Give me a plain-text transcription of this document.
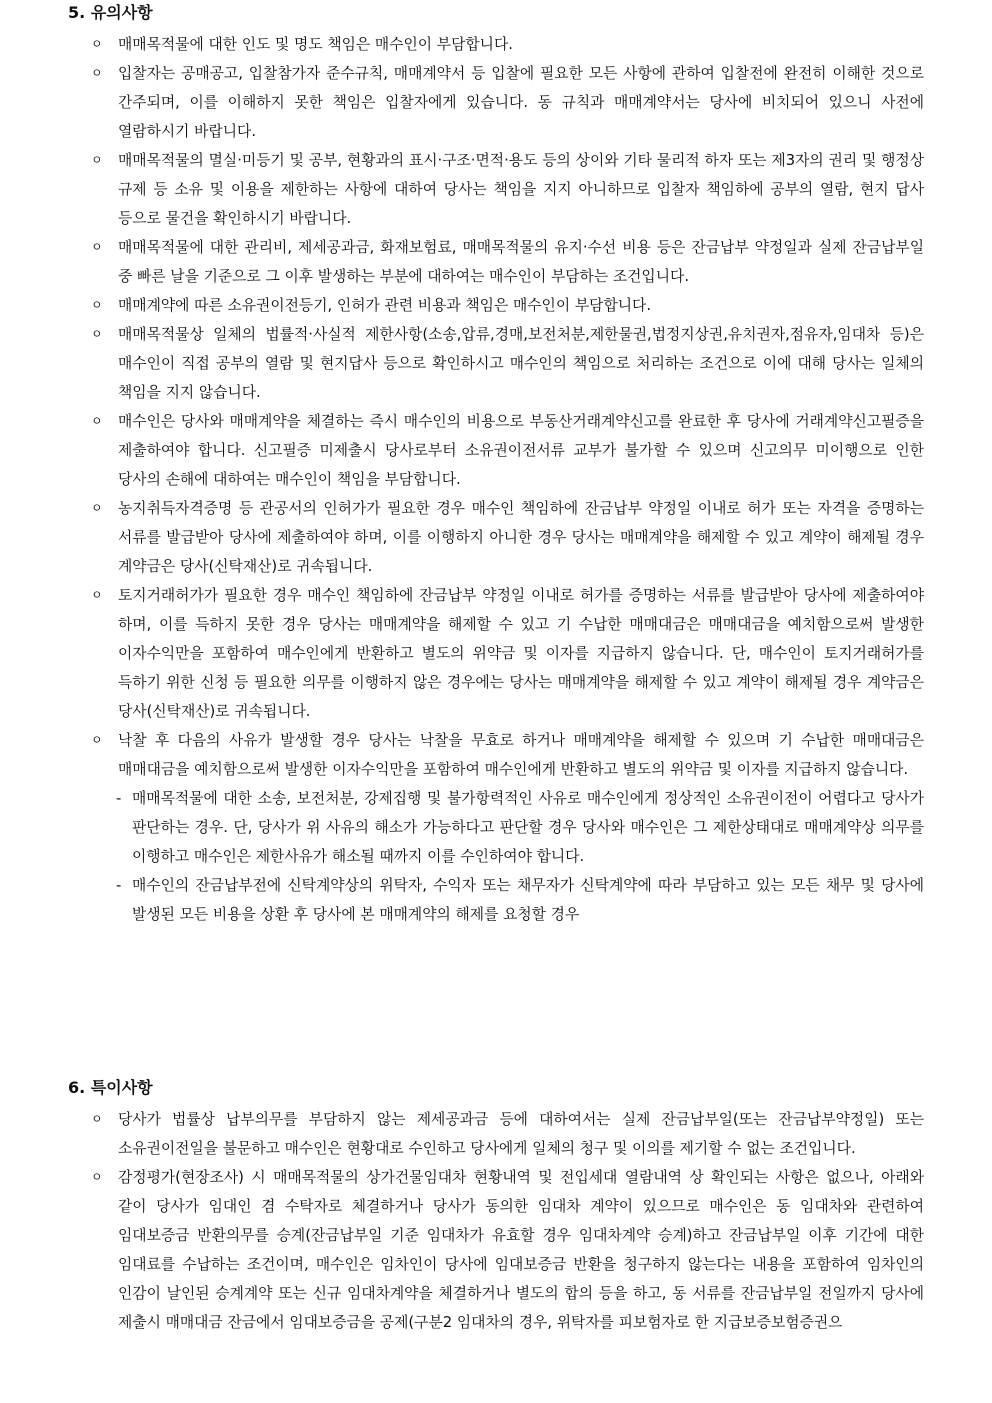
5. 유의사항
ㅇ 매매목적물에 대한 인도 및 명도 책임은 매수인이 부담합니다.
ㅇ 입찰자는 공매공고, 입찰참가자 준수규칙, 매매계약서 등 입찰에 필요한 모든 사항에 관하여 입찰전에 완전히 이해한 것으로 간주되며, 이를 이해하지 못한 책임은 입찰자에게 있습니다. 동 규칙과 매매계약서는 당사에 비치되어 있으니 사전에 열람하시기 바랍니다.
ㅇ 매매목적물의 멸실·미등기 및 공부, 현황과의 표시·구조·면적·용도 등의 상이와 기타 물리적 하자 또는 제3자의 권리 및 행정상 규제 등 소유 및 이용을 제한하는 사항에 대하여 당사는 책임을 지지 아니하므로 입찰자 책임하에 공부의 열람, 현지 답사 등으로 물건을 확인하시기 바랍니다.
ㅇ 매매목적물에 대한 관리비, 제세공과금, 화재보험료, 매매목적물의 유지·수선 비용 등은 잔금납부 약정일과 실제 잔금납부일 중 빠른 날을 기준으로 그 이후 발생하는 부분에 대하여는 매수인이 부담하는 조건입니다.
ㅇ 매매계약에 따른 소유권이전등기, 인허가 관련 비용과 책임은 매수인이 부담합니다.
ㅇ 매매목적물상 일체의 법률적·사실적 제한사항(소송,압류,경매,보전처분,제한물권,법정지상권,유치권자,점유자,임대차 등)은 매수인이 직접 공부의 열람 및 현지답사 등으로 확인하시고 매수인의 책임으로 처리하는 조건으로 이에 대해 당사는 일체의 책임을 지지 않습니다.
ㅇ 매수인은 당사와 매매계약을 체결하는 즉시 매수인의 비용으로 부동산거래계약신고를 완료한 후 당사에 거래계약신고필증을 제출하여야 합니다. 신고필증 미제출시 당사로부터 소유권이전서류 교부가 불가할 수 있으며 신고의무 미이행으로 인한 당사의 손해에 대하여는 매수인이 책임을 부담합니다.
ㅇ 농지취득자격증명 등 관공서의 인허가가 필요한 경우 매수인 책임하에 잔금납부 약정일 이내로 허가 또는 자격을 증명하는 서류를 발급받아 당사에 제출하여야 하며, 이를 이행하지 아니한 경우 당사는 매매계약을 해제할 수 있고 계약이 해제될 경우 계약금은 당사(신탁재산)로 귀속됩니다.
ㅇ 토지거래허가가 필요한 경우 매수인 책임하에 잔금납부 약정일 이내로 허가를 증명하는 서류를 발급받아 당사에 제출하여야 하며, 이를 득하지 못한 경우 당사는 매매계약을 해제할 수 있고 기 수납한 매매대금은 매매대금을 예치함으로써 발생한 이자수익만을 포함하여 매수인에게 반환하고 별도의 위약금 및 이자를 지급하지 않습니다. 단, 매수인이 토지거래허가를 득하기 위한 신청 등 필요한 의무를 이행하지 않은 경우에는 당사는 매매계약을 해제할 수 있고 계약이 해제될 경우 계약금은 당사(신탁재산)로 귀속됩니다.
ㅇ 낙찰 후 다음의 사유가 발생할 경우 당사는 낙찰을 무효로 하거나 매매계약을 해제할 수 있으며 기 수납한 매매대금은 매매대금을 예치함으로써 발생한 이자수익만을 포함하여 매수인에게 반환하고 별도의 위약금 및 이자를 지급하지 않습니다.
- 매매목적물에 대한 소송, 보전처분, 강제집행 및 불가항력적인 사유로 매수인에게 정상적인 소유권이전이 어렵다고 당사가 판단하는 경우. 단, 당사가 위 사유의 해소가 가능하다고 판단할 경우 당사와 매수인은 그 제한상태대로 매매계약상 의무를 이행하고 매수인은 제한사유가 해소될 때까지 이를 수인하여야 합니다.
- 매수인의 잔금납부전에 신탁계약상의 위탁자, 수익자 또는 채무자가 신탁계약에 따라 부담하고 있는 모든 채무 및 당사에 발생된 모든 비용을 상환 후 당사에 본 매매계약의 해제를 요청할 경우
6. 특이사항
ㅇ 당사가 법률상 납부의무를 부담하지 않는 제세공과금 등에 대하여서는 실제 잔금납부일(또는 잔금납부약정일) 또는 소유권이전일을 불문하고 매수인은 현황대로 수인하고 당사에게 일체의 청구 및 이의를 제기할 수 없는 조건입니다.
ㅇ 감정평가(현장조사) 시 매매목적물의 상가건물임대차 현황내역 및 전입세대 열람내역 상 확인되는 사항은 없으나, 아래와 같이 당사가 임대인 겸 수탁자로 체결하거나 당사가 동의한 임대차 계약이 있으므로 매수인은 동 임대차와 관련하여 임대보증금 반환의무를 승계(잔금납부일 기준 임대차가 유효할 경우 임대차계약 승계)하고 잔금납부일 이후 기간에 대한 임대료를 수납하는 조건이며, 매수인은 임차인이 당사에 임대보증금 반환을 청구하지 않는다는 내용을 포함하여 임차인의 인감이 날인된 승계계약 또는 신규 임대차계약을 체결하거나 별도의 합의 등을 하고, 동 서류를 잔금납부일 전일까지 당사에 제출시 매매대금 잔금에서 임대보증금을 공제(구분2 임대차의 경우, 위탁자를 피보험자로 한 지급보증보험증권으
